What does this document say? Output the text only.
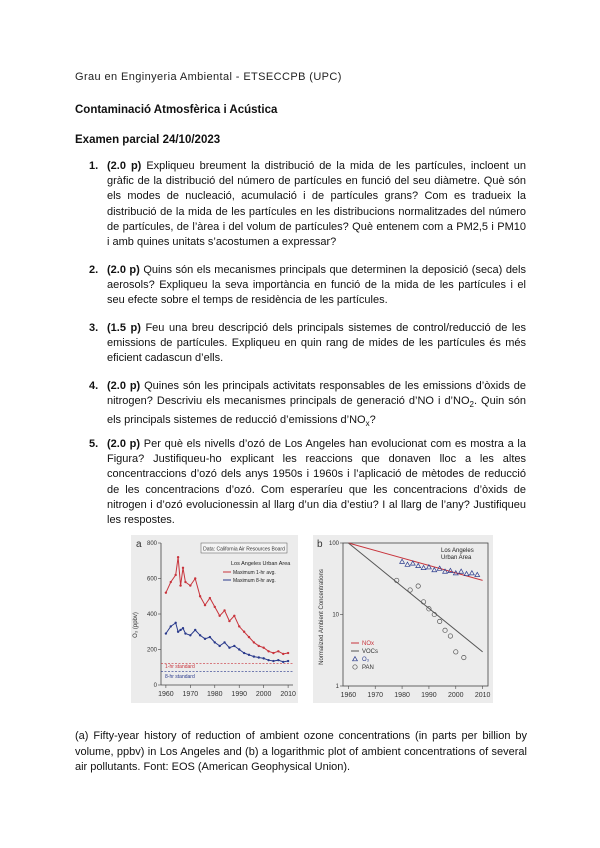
Grau en Enginyeria Ambiental - ETSECCPB (UPC)
Contaminació Atmosfèrica i Acústica
Examen parcial 24/10/2023
1. (2.0 p) Expliqueu breument la distribució de la mida de les partícules, incloent un gràfic de la distribució del número de partícules en funció del seu diàmetre. Què són els modes de nucleació, acumulació i de partícules grans? Com es tradueix la distribució de la mida de les partícules en les distribucions normalitzades del número de partícules, de l’àrea i del volum de partícules? Què entenem com a PM2,5 i PM10 i amb quines unitats s’acostumen a expressar?
2. (2.0 p) Quins són els mecanismes principals que determinen la deposició (seca) dels aerosols? Expliqueu la seva importància en funció de la mida de les partícules i el seu efecte sobre el temps de residència de les partícules.
3. (1.5 p) Feu una breu descripció dels principals sistemes de control/reducció de les emissions de partícules. Expliqueu en quin rang de mides de les partícules és més eficient cadascun d’ells.
4. (2.0 p) Quines són les principals activitats responsables de les emissions d’òxids de nitrogen? Descriviu els mecanismes principals de generació d’NO i $d’NO_2$. Quin són els principals sistemes de reducció d’emissions $d’NO_x$?
5. (2.0 p) Per què els nivells d’ozó de Los Angeles han evolucionat com es mostra a la Figura? Justifiqueu-ho explicant les reaccions que donaven lloc a les altes concentraccions d’ozó dels anys 1950s i 1960s i l’aplicació de mètodes de reducció de les concentracions d’ozó. Com esperaríeu que les concentracions d’òxids de nitrogen i d’ozó evolucionessin al llarg d’un dia d’estiu? I al llarg de l’any? Justifiqueu les respostes.
a
O₃ (ppbv)
800
600
400
200
0
1960 1970 1980 1990 2000 2010
Data: California Air Resources Board
Los Angeles Urban Area
Maximum 1-hr avg.
Maximum 8-hr avg.
1-hr standard
8-hr standard
b
Normalized Ambient Concentrations
100
10
1
1960 1970 1980 1990 2000 2010
Los Angeles
Urban Area
NOx
VOCs
O₃
PAN
(a) Fifty-year history of reduction of ambient ozone concentrations (in parts per billion by volume, ppbv) in Los Angeles and (b) a logarithmic plot of ambient concentrations of several air pollutants. Font: EOS (American Geophysical Union).
